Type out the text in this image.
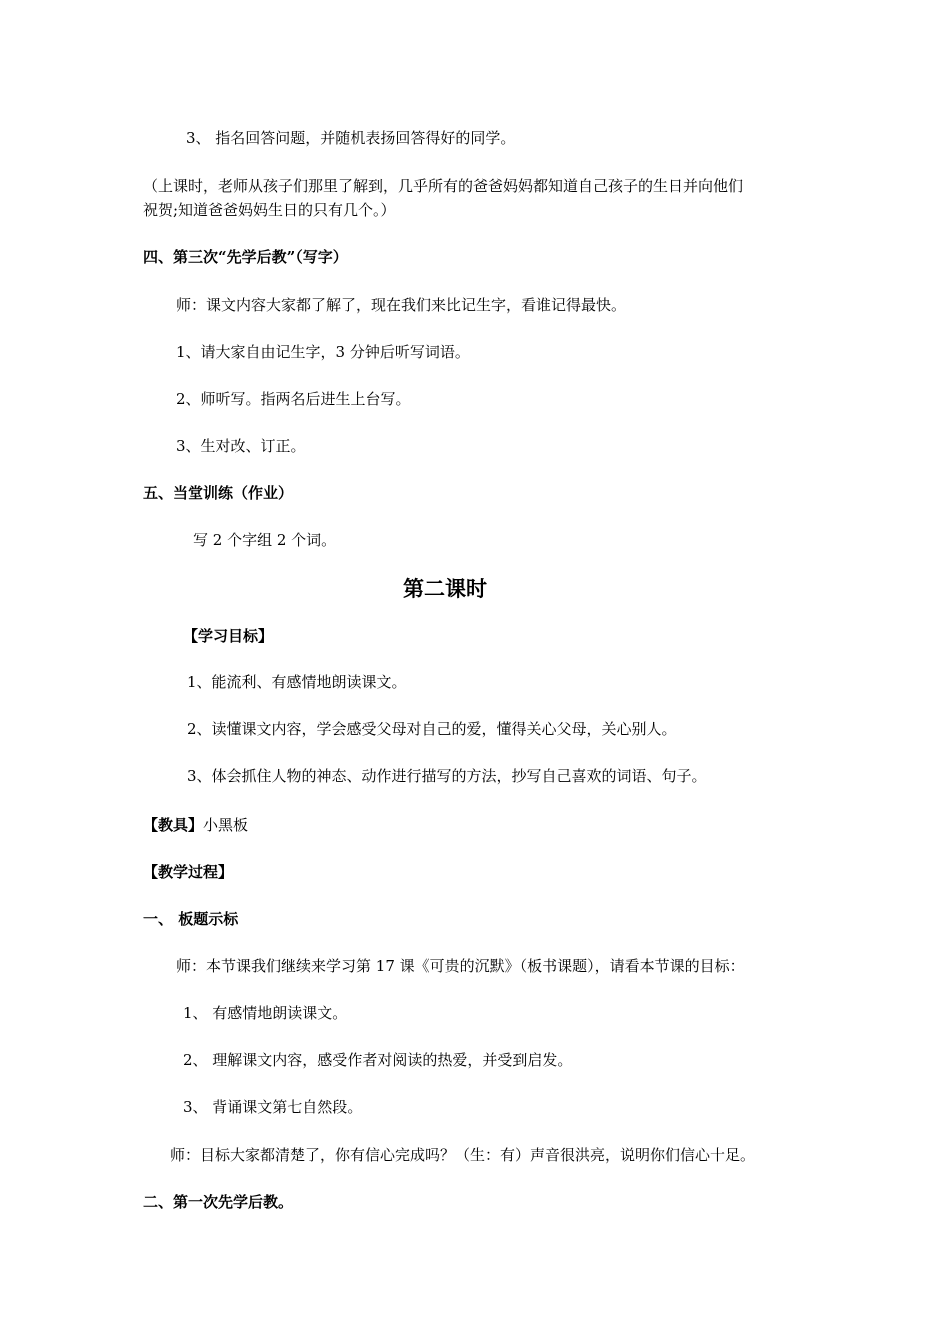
3、 指名回答问题，并随机表扬回答得好的同学。
（上课时，老师从孩子们那里了解到，几乎所有的爸爸妈妈都知道自己孩子的生日并向他们
祝贺;知道爸爸妈妈生日的只有几个。）
四、第三次“先学后教”（写字）
师：课文内容大家都了解了，现在我们来比记生字，看谁记得最快。
1、请大家自由记生字，3 分钟后听写词语。
2、师听写。指两名后进生上台写。
3、生对改、订正。
五、当堂训练（作业）
写 2 个字组 2 个词。
第二课时
【学习目标】
1、能流利、有感情地朗读课文。
2、读懂课文内容，学会感受父母对自己的爱，懂得关心父母，关心别人。
3、体会抓住人物的神态、动作进行描写的方法，抄写自己喜欢的词语、句子。
【教具】小黑板
【教学过程】
一、 板题示标
师：本节课我们继续来学习第 17 课《可贵的沉默》（板书课题），请看本节课的目标：
1、 有感情地朗读课文。
2、 理解课文内容，感受作者对阅读的热爱，并受到启发。
3、 背诵课文第七自然段。
师：目标大家都清楚了，你有信心完成吗？（生：有）声音很洪亮，说明你们信心十足。
二、第一次先学后教。
